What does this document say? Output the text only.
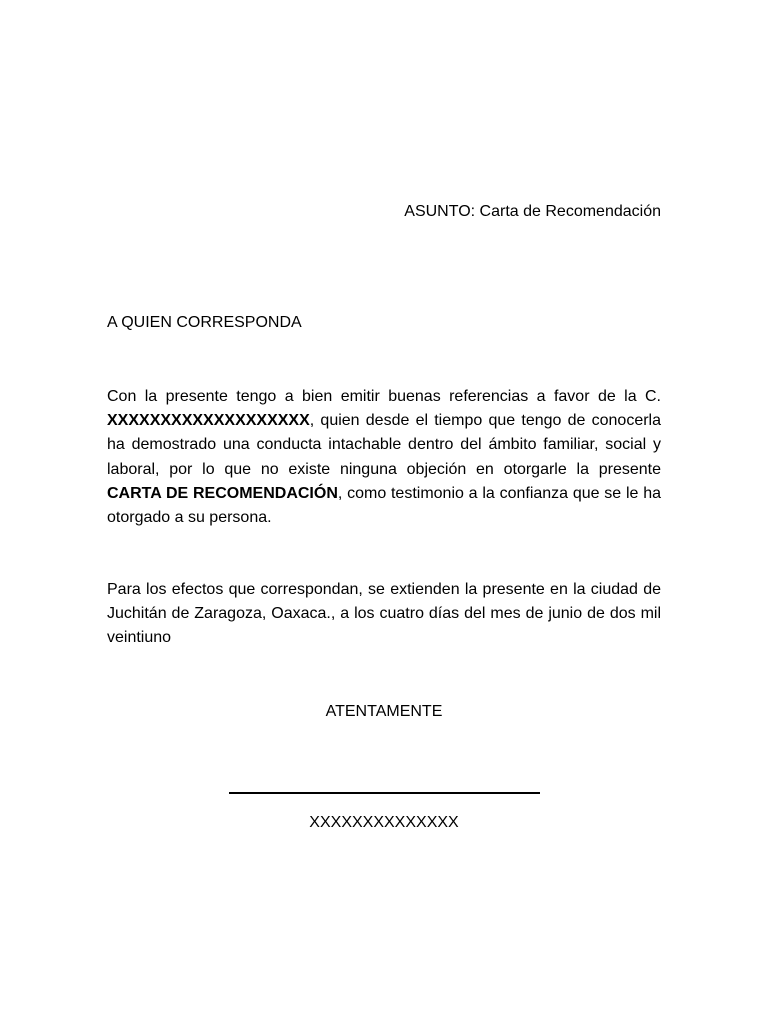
ASUNTO: Carta de Recomendación
A QUIEN CORRESPONDA

Con la presente tengo a bien emitir buenas referencias a favor de la C. XXXXXXXXXXXXXXXXXXX, quien desde el tiempo que tengo de conocerla ha demostrado una conducta intachable dentro del ámbito familiar, social y laboral, por lo que no existe ninguna objeción en otorgarle la presente CARTA DE RECOMENDACIÓN, como testimonio a la confianza que se le ha otorgado a su persona.

Para los efectos que correspondan, se extienden la presente en la ciudad de Juchitán de Zaragoza, Oaxaca., a los cuatro días del mes de junio de dos mil veintiuno

ATENTAMENTE
XXXXXXXXXXXXXX
